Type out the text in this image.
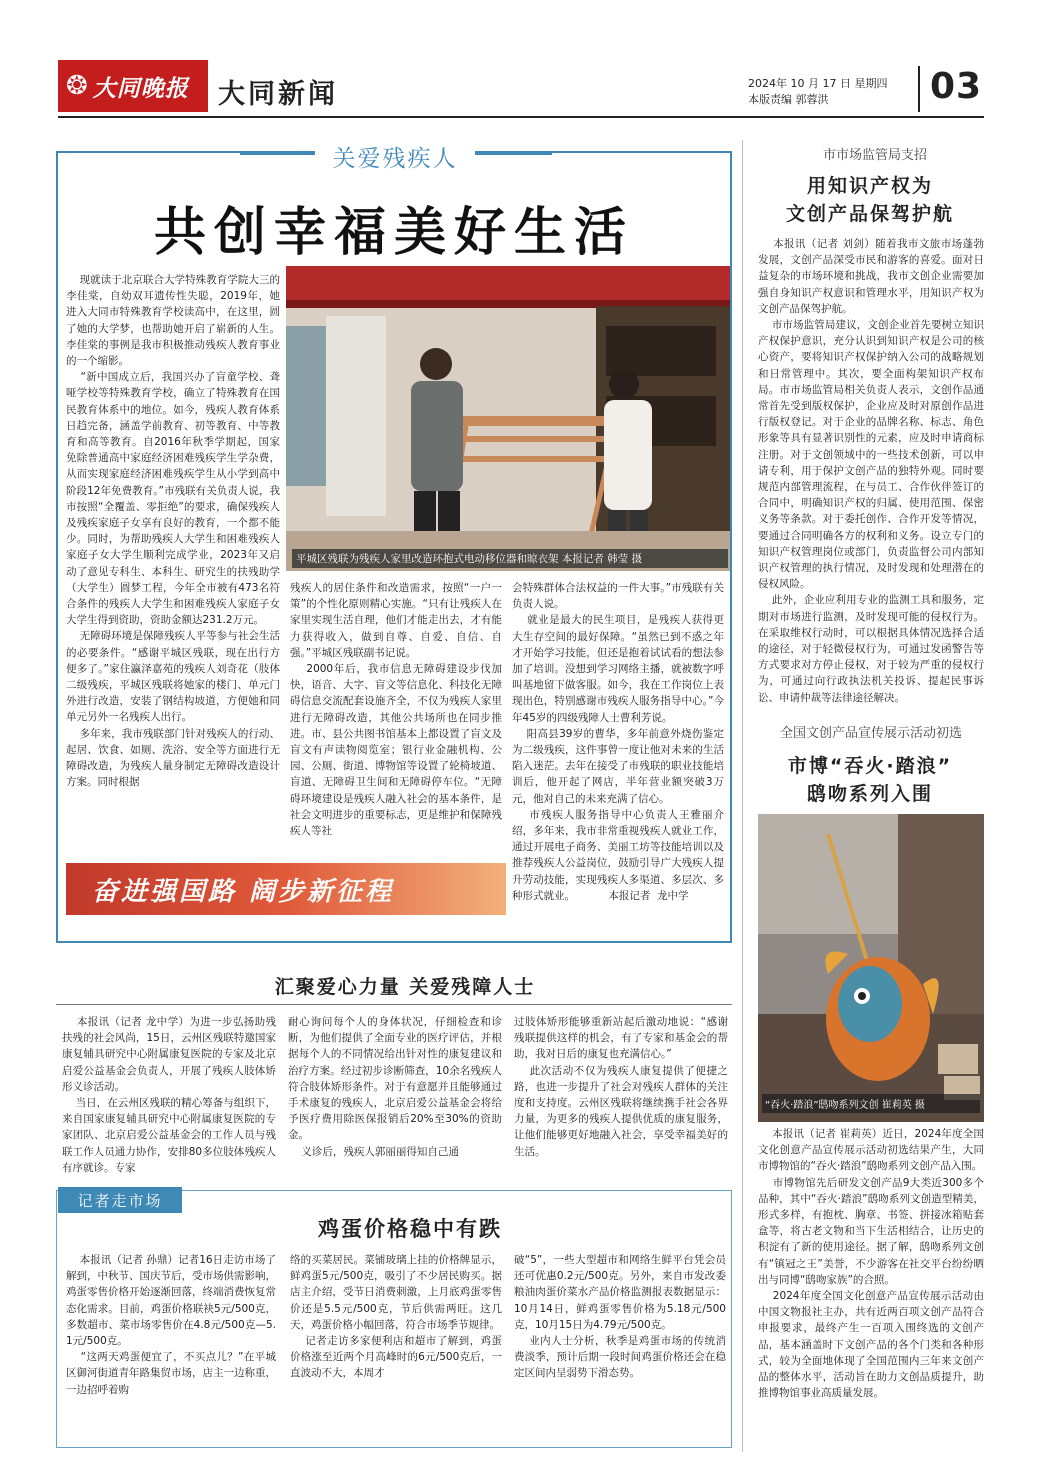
❂ 大同晚报 大同新闻	2024年 10 月 17 日 星期四
本版责编 郭蓉洪	03
关爱残疾人
共创幸福美好生活

现就读于北京联合大学特殊教育学院大三的李佳棠，自幼双耳遗传性失聪，2019年，她进入大同市特殊教育学校读高中，在这里，圆了她的大学梦，也帮助她开启了崭新的人生。李佳棠的事例是我市积极推动残疾人教育事业的一个缩影。
“新中国成立后，我国兴办了盲童学校、聋哑学校等特殊教育学校，确立了特殊教育在国民教育体系中的地位。如今，残疾人教育体系日趋完备，涵盖学前教育、初等教育、中等教育和高等教育。自2016年秋季学期起，国家免除普通高中家庭经济困难残疾学生学杂费，从而实现家庭经济困难残疾学生从小学到高中阶段12年免费教育。”市残联有关负责人说，我市按照“全覆盖、零拒绝”的要求，确保残疾人及残疾家庭子女享有良好的教育，一个都不能少。同时，为帮助残疾人大学生和困难残疾人家庭子女大学生顺利完成学业，2023年又启动了意见专科生、本科生、研究生的扶残助学（大学生）圆梦工程，今年全市被有473名符合条件的残疾人大学生和困难残疾人家庭子女大学生得到资助，资助金额达231.2万元。
无障碍环境是保障残疾人平等参与社会生活的必要条件。“感谢平城区残联，现在出行方便多了。”家住瀛泽嘉苑的残疾人刘奇花（肢体二级残疾，平城区残联将她家的楼门、单元门外进行改造，安装了钢结构坡道，方便她和同单元另外一名残疾人出行。
多年来，我市残联部门针对残疾人的行动、起居、饮食、如厕、洗浴、安全等方面进行无障碍改造，为残疾人量身制定无障碍改造设计方案。同时根据

平城区残联为残疾人家里改造环抱式电动移位器和晾衣架 本报记者 韩莹 摄

残疾人的居住条件和改造需求，按照“一户一策”的个性化原则精心实施。“只有让残疾人在家里实现生活自理，他们才能走出去，才有能力获得收入，做到自尊、自爱、自信、自强。”平城区残联副书记说。
2000年后，我市信息无障碍建设步伐加快，语音、大字、盲文等信息化、科技化无障碍信息交流配套设施齐全，不仅为残疾人家里进行无障碍改造，其他公共场所也在同步推进。市、县公共图书馆基本上都设置了盲文及盲文有声读物阅览室；银行业金融机构、公园、公厕、街道、博物馆等设置了轮椅坡道、盲道、无障碍卫生间和无障碍停车位。“无障碍环境建设是残疾人融入社会的基本条件，是社会文明进步的重要标志，更是维护和保障残疾人等社

会特殊群体合法权益的一件大事。”市残联有关负责人说。
就业是最大的民生项目，是残疾人获得更大生存空间的最好保障。“虽然已到不惑之年才开始学习技能，但还是抱着试试看的想法参加了培训。没想到学习网络主播，就被数字呼叫基地留下做客服。如今，我在工作岗位上表现出色，特别感谢市残疾人服务指导中心。”今年45岁的四级残障人士曹利芳说。
阳高县39岁的曹华，多年前意外烧伤鉴定为二级残疾，这件事曾一度让他对未来的生活陷入迷茫。去年在接受了市残联的职业技能培训后，他开起了网店，半年营业额突破3万元，他对自己的未来充满了信心。
市残疾人服务指导中心负责人王雅丽介绍，多年来，我市非常重视残疾人就业工作，通过开展电子商务、美丽工坊等技能培训以及推荐残疾人公益岗位，鼓励引导广大残疾人提升劳动技能，实现残疾人多渠道、多层次、多种形式就业。          本报记者  龙中学

奋进强国路 阔步新征程
汇聚爱心力量 关爱残障人士

本报讯（记者 龙中学）为进一步弘扬助残扶残的社会风尚，15日，云州区残联特邀国家康复辅具研究中心附属康复医院的专家及北京启爱公益基金会负责人，开展了残疾人肢体矫形义诊活动。
当日，在云州区残联的精心筹备与组织下，来自国家康复辅具研究中心附属康复医院的专家团队、北京启爱公益基金会的工作人员与残联工作人员通力协作，安排80多位肢体残疾人有序就诊。专家

耐心询问每个人的身体状况，仔细检查和诊断，为他们提供了全面专业的医疗评估，并根据每个人的不同情况给出针对性的康复建议和治疗方案。经过初步诊断筛查，10余名残疾人符合肢体矫形条件。对于有意愿并且能够通过手术康复的残疾人，北京启爱公益基金会将给予医疗费用除医保报销后20%至30%的资助金。
义诊后，残疾人郭丽丽得知自己通

过肢体矫形能够重新站起后激动地说：“感谢残联提供这样的机会，有了专家和基金会的帮助，我对日后的康复也充满信心。”
此次活动不仅为残疾人康复提供了便捷之路，也进一步提升了社会对残疾人群体的关注度和支持度。云州区残联将继续携手社会各界力量，为更多的残疾人提供优质的康复服务，让他们能够更好地融入社会，享受幸福美好的生活。

记者走市场
鸡蛋价格稳中有跌

本报讯（记者 孙鼎）记者16日走访市场了解到，中秋节、国庆节后，受市场供需影响，鸡蛋零售价格开始逐渐回落，终端消费恢复常态化需求。目前，鸡蛋价格联袂5元/500克，多数超市、菜市场零售价在4.8元/500克—5.1元/500克。
“这两天鸡蛋便宜了，不买点儿？”在平城区御河街道青年路集贸市场，店主一边称重，一边招呼着购

络的买菜居民。菜铺玻璃上挂的价格牌显示，鲜鸡蛋5元/500克，吸引了不少居民购买。据店主介绍，受节日消费刺激，上月底鸡蛋零售价还是5.5元/500克，节后供需两旺。这几天，鸡蛋价格小幅回落，符合市场季节规律。
记者走访多家便利店和超市了解到，鸡蛋价格涨至近两个月高峰时的6元/500克后，一直波动不大，本周才

破“5”，一些大型超市和网络生鲜平台凭会员还可优惠0.2元/500克。另外，来自市发改委粮油肉蛋价菜水产品价格监测报表数据显示：10月14日，鲜鸡蛋零售价格为5.18元/500克，10月15日为4.79元/500克。
业内人士分析，秋季是鸡蛋市场的传统消费淡季，预计后期一段时间鸡蛋价格还会在稳定区间内呈弱势下滑态势。

市市场监管局支招
用知识产权为
文创产品保驾护航

本报讯（记者 刘剑）随着我市文旅市场蓬勃发展，文创产品深受市民和游客的喜爱。面对日益复杂的市场环境和挑战，我市文创企业需要加强自身知识产权意识和管理水平，用知识产权为文创产品保驾护航。
市市场监管局建议，文创企业首先要树立知识产权保护意识，充分认识到知识产权是公司的核心资产，要将知识产权保护纳入公司的战略规划和日常管理中。其次，要全面构架知识产权布局。市市场监管局相关负责人表示，文创作品通常首先受到版权保护，企业应及时对原创作品进行版权登记。对于企业的品牌名称、标志、角色形象等具有显著识别性的元素，应及时申请商标注册。对于文创领域中的一些技术创新，可以申请专利，用于保护文创产品的独特外观。同时要规范内部管理流程，在与员工、合作伙伴签订的合同中，明确知识产权的归属、使用范围、保密义务等条款。对于委托创作、合作开发等情况，要通过合同明确各方的权利和义务。设立专门的知识产权管理岗位或部门，负责监督公司内部知识产权管理的执行情况，及时发现和处理潜在的侵权风险。
此外，企业应利用专业的监测工具和服务，定期对市场进行监测，及时发现可能的侵权行为。在采取维权行动时，可以根据具体情况选择合适的途径，对于轻微侵权行为，可通过发函警告等方式要求对方停止侵权，对于较为严重的侵权行为，可通过向行政执法机关投诉、提起民事诉讼、申请仲裁等法律途径解决。

全国文创产品宣传展示活动初选
市博“吞火·踏浪”
鸱吻系列入围
“吞火·踏浪”鸱吻系列文创 崔莉英 摄

本报讯（记者 崔莉英）近日，2024年度全国文化创意产品宣传展示活动初选结果产生，大同市博物馆的“吞火·踏浪”鸱吻系列文创产品入围。
市博物馆先后研发文创产品9大类近300多个品种，其中“吞火·踏浪”鸱吻系列文创造型精美，形式多样，有抱枕、胸章、书签、拼接冰箱贴套盒等，将古老文物和当下生活相结合，让历史的积淀有了新的使用途径。据了解，鸱吻系列文创有“镇冠之王”美誉，不少游客在社交平台纷纷晒出与同博“鸱吻家族”的合照。
2024年度全国文化创意产品宣传展示活动由中国文物报社主办，共有近两百项文创产品符合申报要求，最终产生一百项入围终选的文创产品，基本涵盖时下文创产品的各个门类和各种形式，较为全面地体现了全国范围内三年来文创产品的整体水平，活动旨在助力文创品质提升，助推博物馆事业高质量发展。
